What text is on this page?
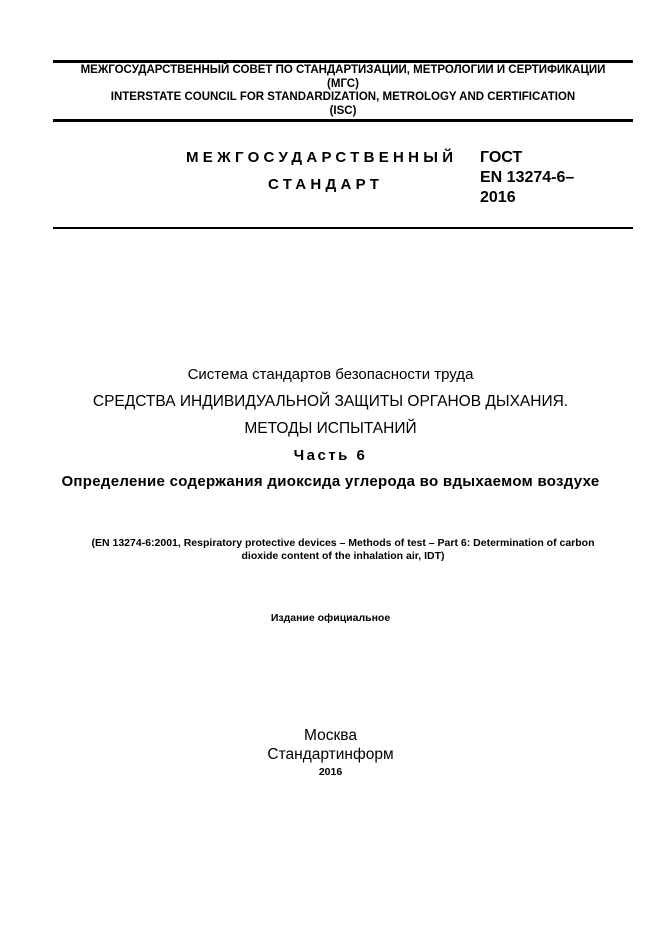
МЕЖГОСУДАРСТВЕННЫЙ СОВЕТ ПО СТАНДАРТИЗАЦИИ, МЕТРОЛОГИИ И СЕРТИФИКАЦИИ
(МГС)
INTERSTATE COUNCIL FOR STANDARDIZATION, METROLOGY AND CERTIFICATION
(ISC)
МЕЖГОСУДАРСТВЕННЫЙ
СТАНДАРТ
ГОСТ
EN 13274-6–
2016
Система стандартов безопасности труда
СРЕДСТВА ИНДИВИДУАЛЬНОЙ ЗАЩИТЫ ОРГАНОВ ДЫХАНИЯ.
МЕТОДЫ ИСПЫТАНИЙ
Часть 6
Определение содержания диоксида углерода во вдыхаемом воздухе
(EN 13274-6:2001, Respiratory protective devices – Methods of test – Part 6: Determination of carbon
dioxide content of the inhalation air, IDT)
Издание официальное
Москва
Стандартинформ
2016
